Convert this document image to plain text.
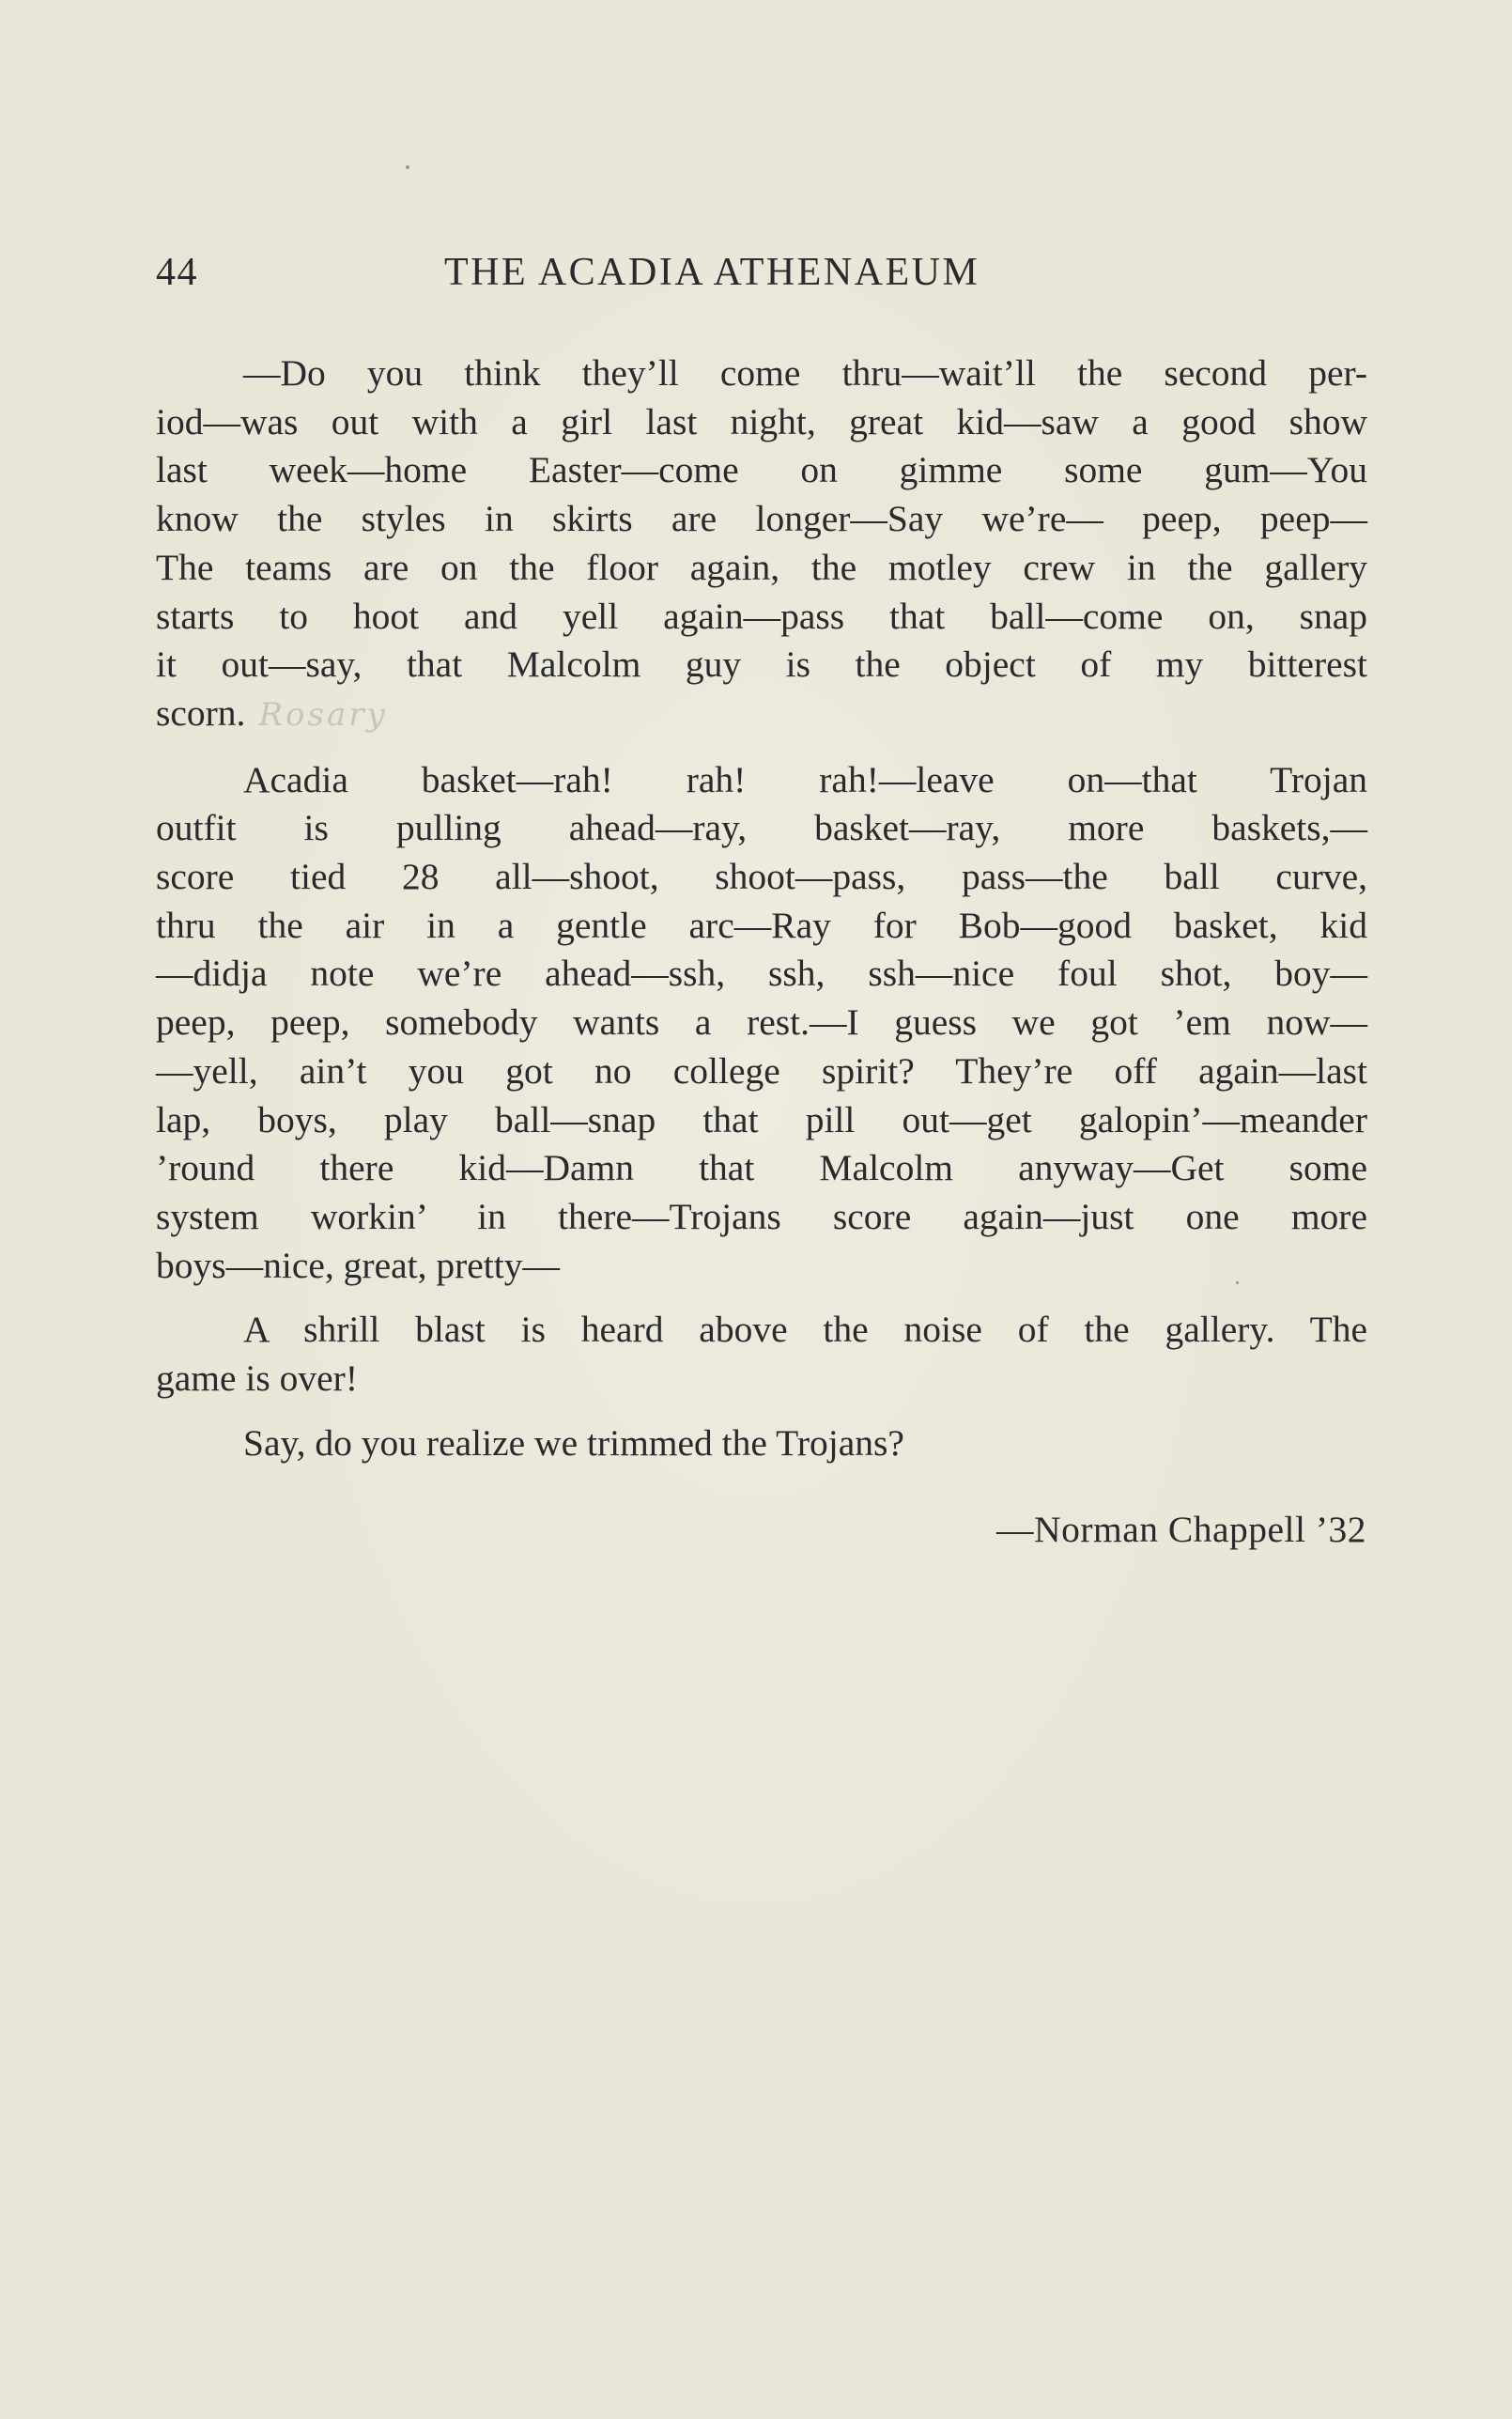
44	THE ACADIA ATHENAEUM
—Do you think they’ll come thru—wait’ll the second per-
iod—was out with a girl last night, great kid—saw a good show
last week—home Easter—come on gimme some gum—You
know the styles in skirts are longer—Say we’re— peep, peep—
The teams are on the floor again, the motley crew in the gallery
starts to hoot and yell again—pass that ball—come on, snap
it out—say, that Malcolm guy is the object of my bitterest
scorn. Rosary
Acadia basket—rah! rah! rah!—leave on—that Trojan
outfit is pulling ahead—ray, basket—ray, more baskets,—
score tied 28 all—shoot, shoot—pass, pass—the ball curve,
thru the air in a gentle arc—Ray for Bob—good basket, kid
—didja note we’re ahead—ssh, ssh, ssh—nice foul shot, boy—
peep, peep, somebody wants a rest.—I guess we got ’em now—
—yell, ain’t you got no college spirit? They’re off again—last
lap, boys, play ball—snap that pill out—get galopin’—meander
’round there kid—Damn that Malcolm anyway—Get some
system workin’ in there—Trojans score again—just one more
boys—nice, great, pretty—
A shrill blast is heard above the noise of the gallery. The
game is over!
Say, do you realize we trimmed the Trojans?
—Norman Chappell ’32
